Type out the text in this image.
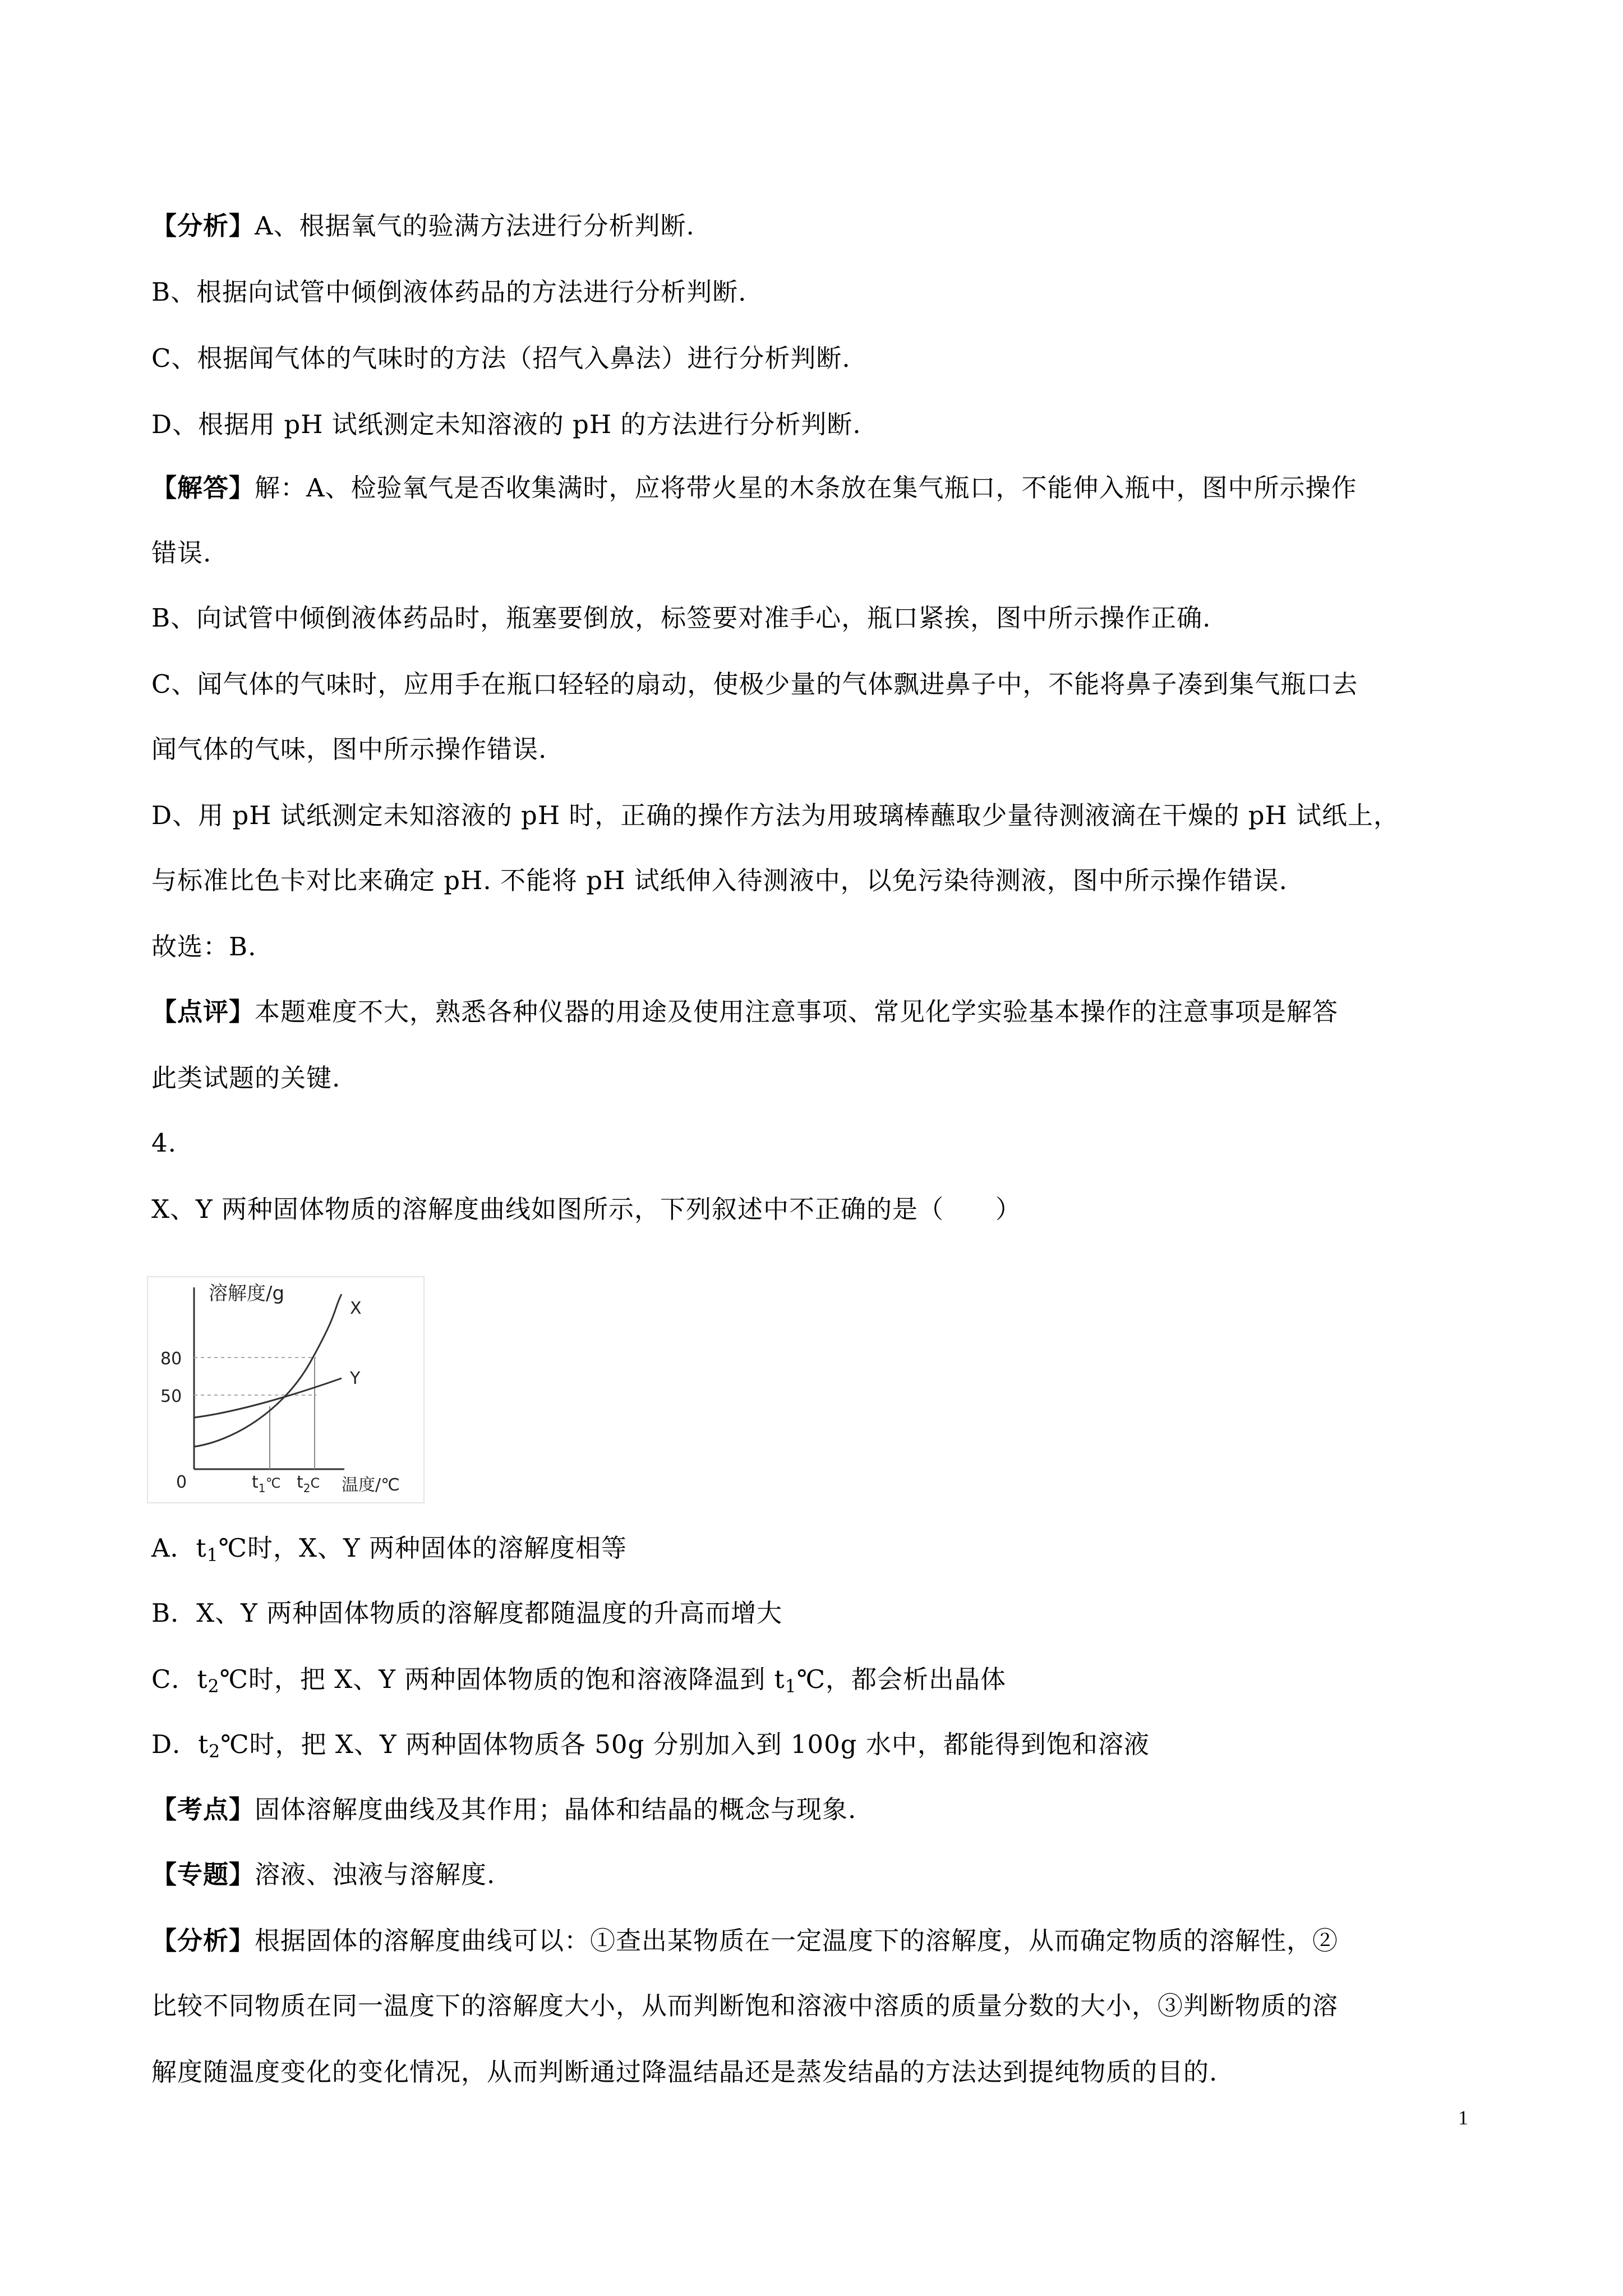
【分析】A、根据氧气的验满方法进行分析判断.

B、根据向试管中倾倒液体药品的方法进行分析判断.

C、根据闻气体的气味时的方法（招气入鼻法）进行分析判断.

D、根据用 pH 试纸测定未知溶液的 pH 的方法进行分析判断.

【解答】解：A、检验氧气是否收集满时，应将带火星的木条放在集气瓶口，不能伸入瓶中，图中所示操作

错误.

B、向试管中倾倒液体药品时，瓶塞要倒放，标签要对准手心，瓶口紧挨，图中所示操作正确.

C、闻气体的气味时，应用手在瓶口轻轻的扇动，使极少量的气体飘进鼻子中，不能将鼻子凑到集气瓶口去

闻气体的气味，图中所示操作错误.

D、用 pH 试纸测定未知溶液的 pH 时，正确的操作方法为用玻璃棒蘸取少量待测液滴在干燥的 pH 试纸上，

与标准比色卡对比来确定 pH. 不能将 pH 试纸伸入待测液中，以免污染待测液，图中所示操作错误.

故选：B.

【点评】本题难度不大，熟悉各种仪器的用途及使用注意事项、常见化学实验基本操作的注意事项是解答

此类试题的关键.

4.

X、Y 两种固体物质的溶解度曲线如图所示，下列叙述中不正确的是（　　）

溶解度/g
X
Y
80
50
0	$t_1^℃$ $t_2^C$ 温度/℃

A．$t_1℃$时，X、Y 两种固体的溶解度相等

B．X、Y 两种固体物质的溶解度都随温度的升高而增大

C．$t_2℃$时，把 X、Y 两种固体物质的饱和溶液降温到 $t_1℃$，都会析出晶体

D．$t_2℃$时，把 X、Y 两种固体物质各 50g 分别加入到 100g 水中，都能得到饱和溶液

【考点】固体溶解度曲线及其作用；晶体和结晶的概念与现象.

【专题】溶液、浊液与溶解度.

【分析】根据固体的溶解度曲线可以：①查出某物质在一定温度下的溶解度，从而确定物质的溶解性，②

比较不同物质在同一温度下的溶解度大小，从而判断饱和溶液中溶质的质量分数的大小，③判断物质的溶

解度随温度变化的变化情况，从而判断通过降温结晶还是蒸发结晶的方法达到提纯物质的目的.

1
